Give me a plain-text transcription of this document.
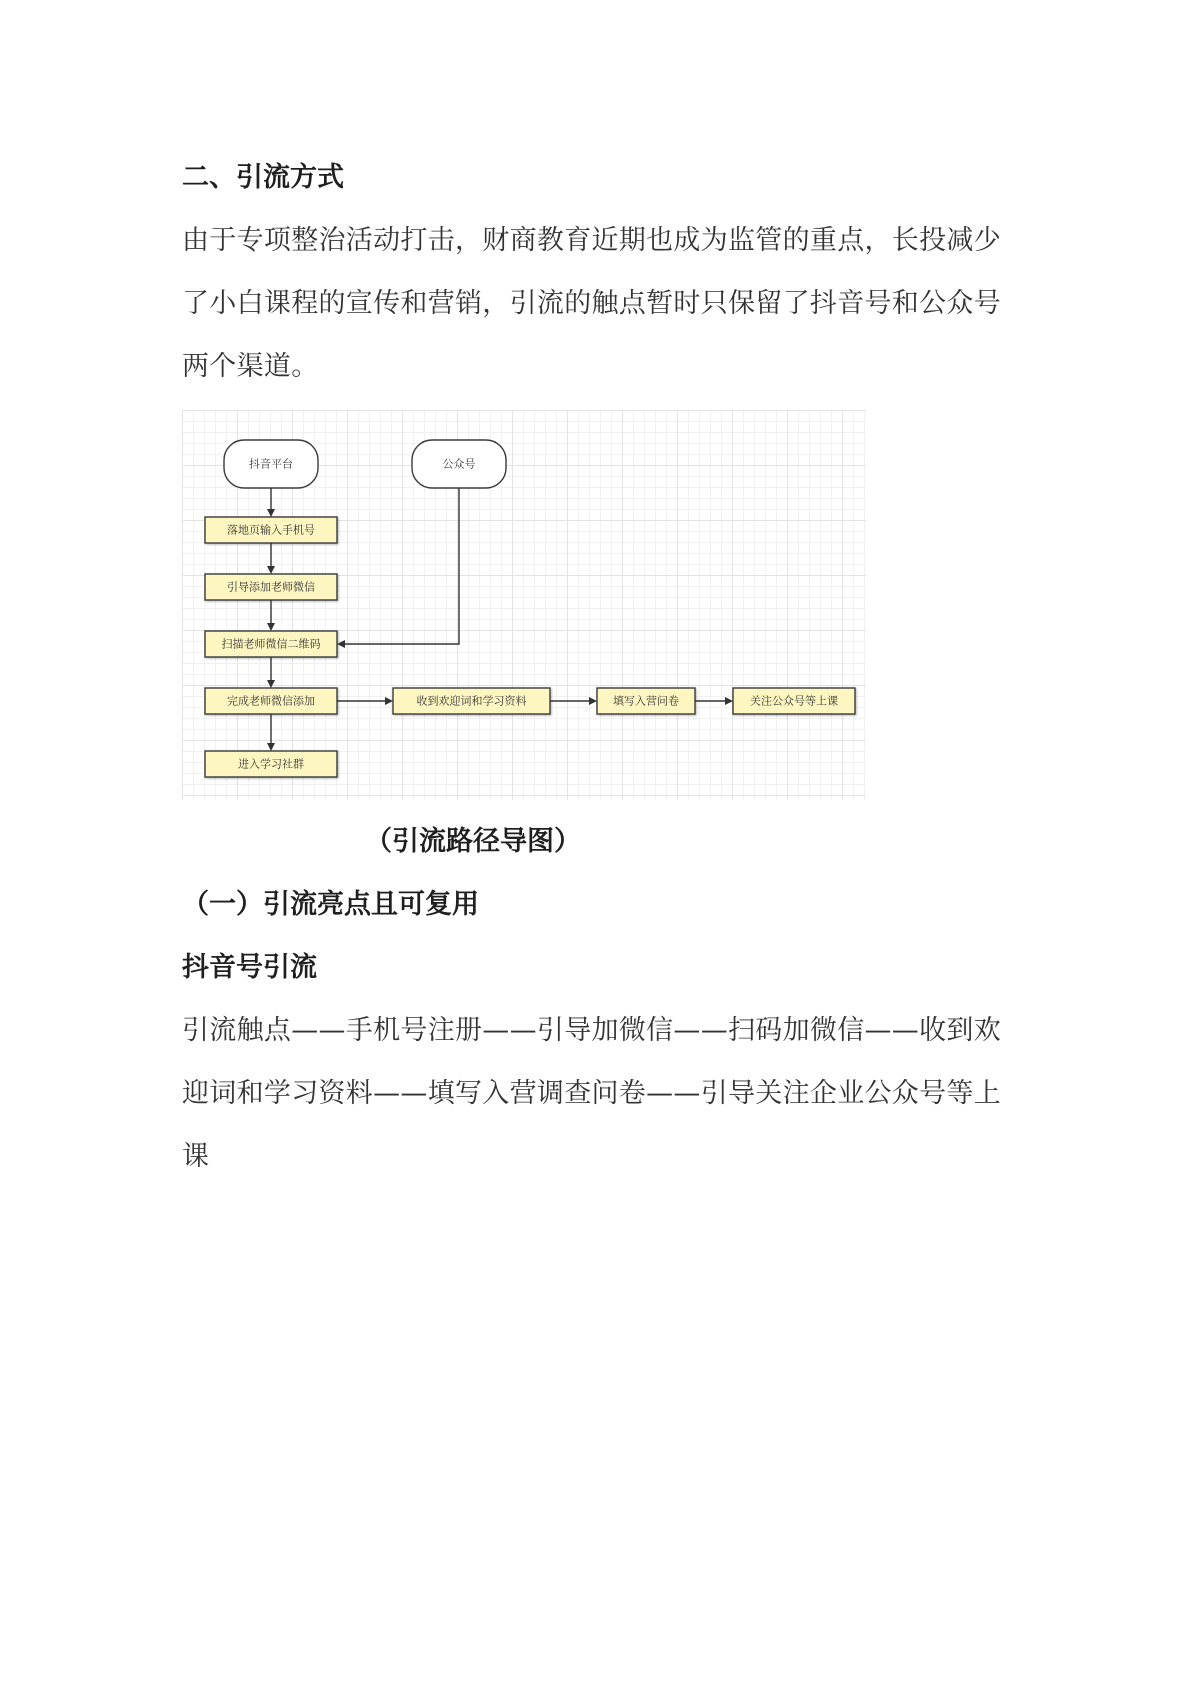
二、引流方式
由于专项整治活动打击，财商教育近期也成为监管的重点，长投减少
了小白课程的宣传和营销，引流的触点暂时只保留了抖音号和公众号
两个渠道。
抖音平台	公众号
落地页输入手机号
引导添加老师微信
扫描老师微信二维码
完成老师微信添加
进入学习社群
收到欢迎词和学习资料	填写入营问卷	关注公众号等上课
（引流路径导图）
（一）引流亮点且可复用
抖音号引流
引流触点——手机号注册——引导加微信——扫码加微信——收到欢
迎词和学习资料——填写入营调查问卷——引导关注企业公众号等上
课
